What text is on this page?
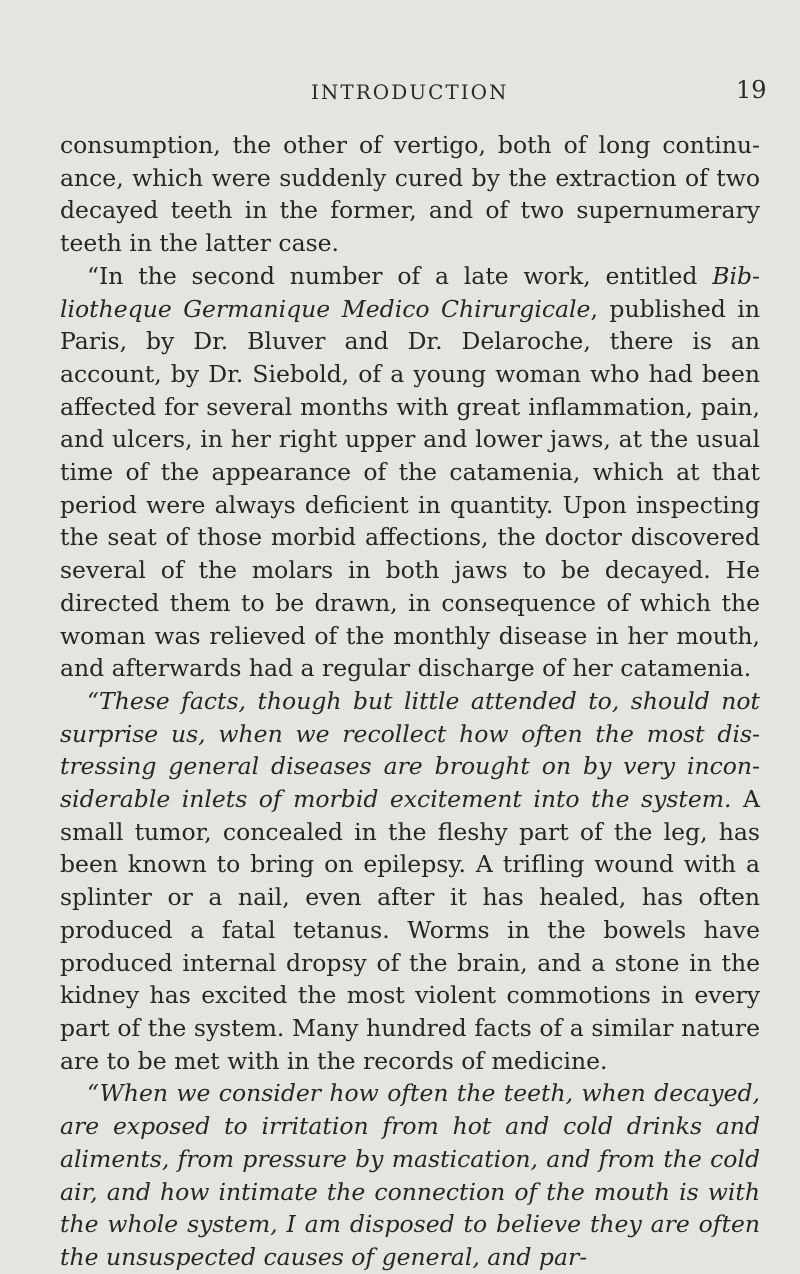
INTRODUCTION	19

consumption, the other of vertigo, both of long continuance, which were suddenly cured by the extraction of two decayed teeth in the former, and of two supernumerary teeth in the latter case.

“In the second number of a late work, entitled Bibliotheque Germanique Medico Chirurgicale, published in Paris, by Dr. Bluver and Dr. Delaroche, there is an account, by Dr. Siebold, of a young woman who had been affected for several months with great inflammation, pain, and ulcers, in her right upper and lower jaws, at the usual time of the appearance of the catamenia, which at that period were always deficient in quantity. Upon inspecting the seat of those morbid affections, the doctor discovered several of the molars in both jaws to be decayed. He directed them to be drawn, in consequence of which the woman was relieved of the monthly disease in her mouth, and afterwards had a regular discharge of her catamenia.

“These facts, though but little attended to, should not surprise us, when we recollect how often the most distressing general diseases are brought on by very inconsiderable inlets of morbid excitement into the system. A small tumor, concealed in the fleshy part of the leg, has been known to bring on epilepsy. A trifling wound with a splinter or a nail, even after it has healed, has often produced a fatal tetanus. Worms in the bowels have produced internal dropsy of the brain, and a stone in the kidney has excited the most violent commotions in every part of the system. Many hundred facts of a similar nature are to be met with in the records of medicine.

“When we consider how often the teeth, when decayed, are exposed to irritation from hot and cold drinks and aliments, from pressure by mastication, and from the cold air, and how intimate the connection of the mouth is with the whole system, I am disposed to believe they are often the unsuspected causes of general, and par-
